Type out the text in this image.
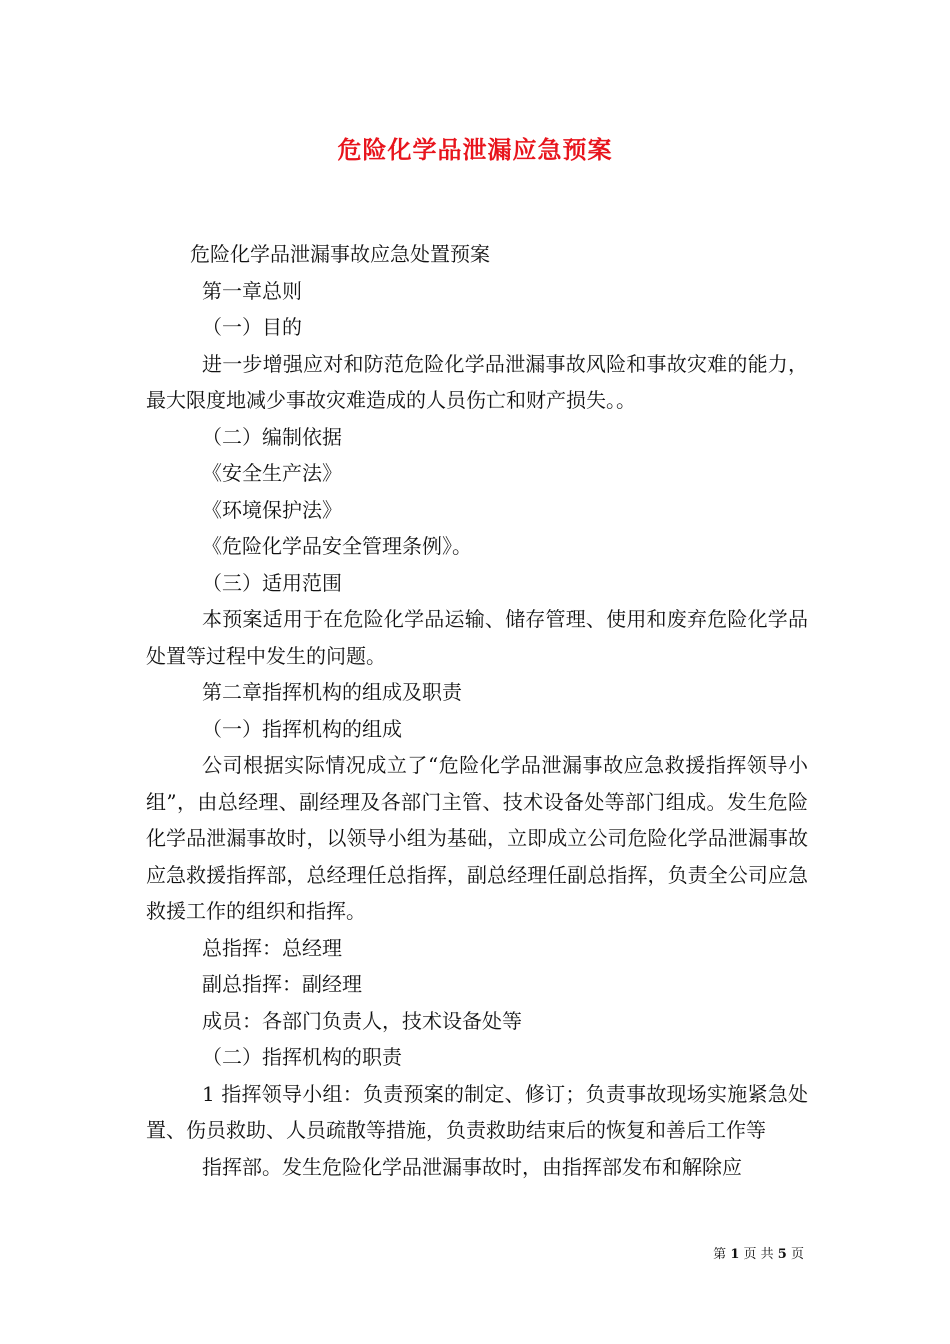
危险化学品泄漏应急预案

危险化学品泄漏事故应急处置预案

第一章总则

（一）目的

进一步增强应对和防范危险化学品泄漏事故风险和事故灾难的能力，最大限度地减少事故灾难造成的人员伤亡和财产损失。。

（二）编制依据

《安全生产法》

《环境保护法》

《危险化学品安全管理条例》。

（三）适用范围

本预案适用于在危险化学品运输、储存管理、使用和废弃危险化学品处置等过程中发生的问题。

第二章指挥机构的组成及职责

（一）指挥机构的组成

公司根据实际情况成立了“危险化学品泄漏事故应急救援指挥领导小组”，由总经理、副经理及各部门主管、技术设备处等部门组成。发生危险化学品泄漏事故时，以领导小组为基础，立即成立公司危险化学品泄漏事故应急救援指挥部，总经理任总指挥，副总经理任副总指挥，负责全公司应急救援工作的组织和指挥。

总指挥：总经理

副总指挥：副经理

成员：各部门负责人，技术设备处等

（二）指挥机构的职责

1 指挥领导小组：负责预案的制定、修订；负责事故现场实施紧急处置、伤员救助、人员疏散等措施，负责救助结束后的恢复和善后工作等

指挥部。发生危险化学品泄漏事故时，由指挥部发布和解除应

第 1 页 共 5 页
